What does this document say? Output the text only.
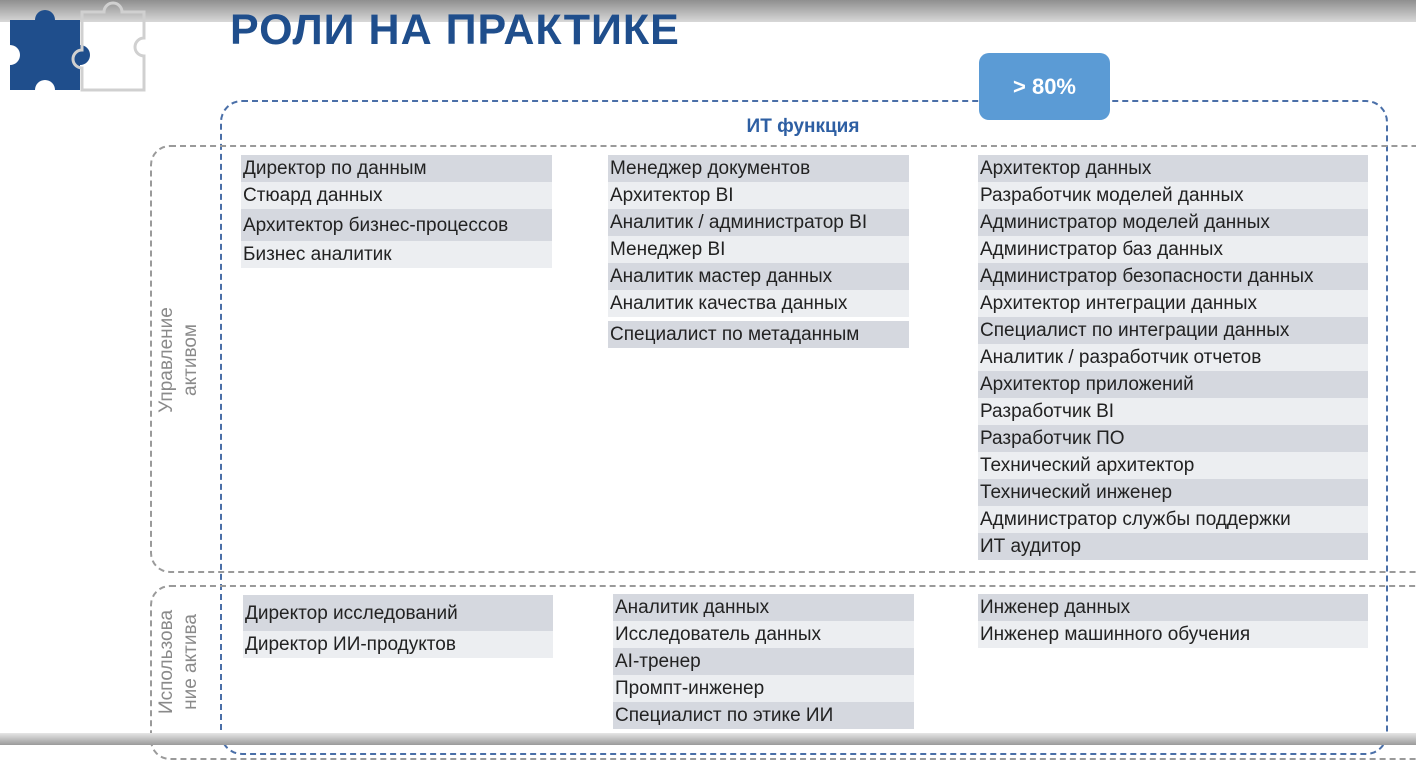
РОЛИ НА ПРАКТИКЕ
ИТ функция
> 80%
Управление активом
Использова ние актива
Директор по данным
Стюард данных
Архитектор бизнес-процессов
Бизнес аналитик
Менеджер документов
Архитектор BI
Аналитик / администратор BI
Менеджер BI
Аналитик мастер данных
Аналитик качества данных
Специалист по метаданным
Архитектор данных
Разработчик моделей данных
Администратор моделей данных
Администратор баз данных
Администратор безопасности данных
Архитектор интеграции данных
Специалист по интеграции данных
Аналитик / разработчик отчетов
Архитектор приложений
Разработчик BI
Разработчик ПО
Технический архитектор
Технический инженер
Администратор службы поддержки
ИТ аудитор
Директор исследований
Директор ИИ-продуктов
Аналитик данных
Исследователь данных
AI-тренер
Промпт-инженер
Специалист по этике ИИ
Инженер данных
Инженер машинного обучения
